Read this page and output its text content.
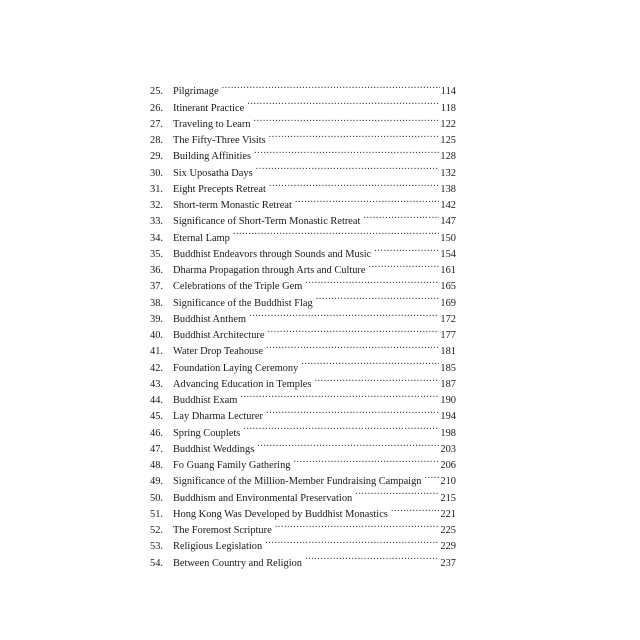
25. Pilgrimage .....	114
26. Itinerant Practice .....	118
27. Traveling to Learn .....	122
28. The Fifty-Three Visits .....	125
29. Building Affinities .....	128
30. Six Uposatha Days .....	132
31. Eight Precepts Retreat .....	138
32. Short-term Monastic Retreat .....	142
33. Significance of Short-Term Monastic Retreat .....	147
34. Eternal Lamp .....	150
35. Buddhist Endeavors through Sounds and Music .....	154
36. Dharma Propagation through Arts and Culture .....	161
37. Celebrations of the Triple Gem .....	165
38. Significance of the Buddhist Flag .....	169
39. Buddhist Anthem .....	172
40. Buddhist Architecture .....	177
41. Water Drop Teahouse .....	181
42. Foundation Laying Ceremony .....	185
43. Advancing Education in Temples .....	187
44. Buddhist Exam .....	190
45. Lay Dharma Lecturer .....	194
46. Spring Couplets .....	198
47. Buddhist Weddings .....	203
48. Fo Guang Family Gathering .....	206
49. Significance of the Million-Member Fundraising Campaign ..... 210
50. Buddhism and Environmental Preservation .....	215
51. Hong Kong Was Developed by Buddhist Monastics .....	221
52. The Foremost Scripture .....	225
53. Religious Legislation .....	229
54. Between Country and Religion .....	237
